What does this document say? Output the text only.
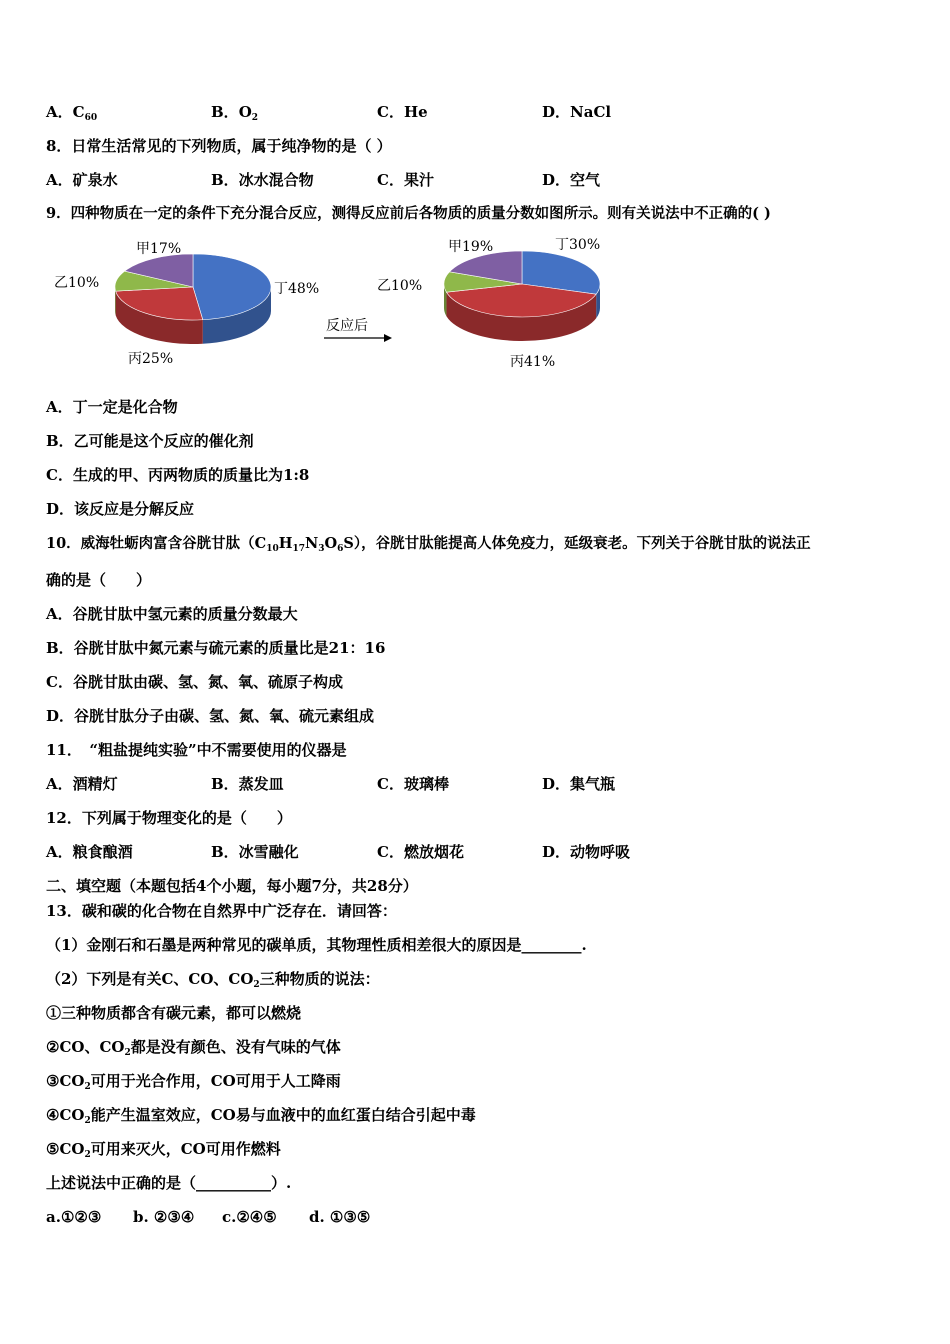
A．$C_{60}$	B．$O_2$	C．He	D．NaCl
8．日常生活常见的下列物质，属于纯净物的是（ ）
A．矿泉水	B．冰水混合物	C．果汁	D．空气
9．四种物质在一定的条件下充分混合反应，测得反应前后各物质的质量分数如图所示。则有关说法中不正确的( )
甲17%
乙10%
丙25%
丁48%
甲19%
乙10%
丙41%
丁30%
反应后
A．丁一定是化合物
B．乙可能是这个反应的催化剂
C．生成的甲、丙两物质的质量比为1:8
D．该反应是分解反应
10．威海牡蛎肉富含谷胱甘肽$(C_{10}H_{17}N_3O_6S)$，谷胱甘肽能提高人体免疫力，延级衰老。下列关于谷胱甘肽的说法正
确的是（　　）
A．谷胱甘肽中氢元素的质量分数最大
B．谷胱甘肽中氮元素与硫元素的质量比是21：16
C．谷胱甘肽由碳、氢、氮、氧、硫原子构成
D．谷胱甘肽分子由碳、氢、氮、氧、硫元素组成
11．　“粗盐提纯实验”中不需要使用的仪器是
A．酒精灯	B．蒸发皿	C．玻璃棒	D．集气瓶
12．下列属于物理变化的是（　　）
A．粮食酿酒	B．冰雪融化	C．燃放烟花	D．动物呼吸
二、填空题（本题包括4个小题，每小题7分，共28分）
13．碳和碳的化合物在自然界中广泛存在．请回答：
（1）金刚石和石墨是两种常见的碳单质，其物理性质相差很大的原因是________.
（2）下列是有关C、CO、$CO_2$三种物质的说法：
①三种物质都含有碳元素，都可以燃烧
②CO、$CO_2$都是没有颜色、没有气味的气体
$③CO_2$可用于光合作用，CO可用于人工降雨
$④CO_2$能产生温室效应，CO易与血液中的血红蛋白结合引起中毒
$⑤CO_2$可用来灭火，CO可用作燃料
上述说法中正确的是（__________）.
a.①②③ b. ②③④ c.②④⑤ d. ①③⑤
